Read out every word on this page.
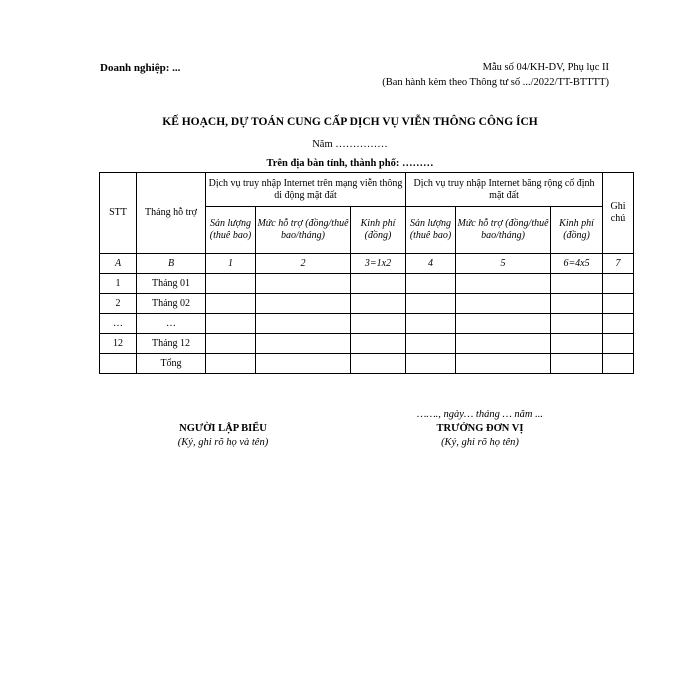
Doanh nghiệp: ...	Mẫu số 04/KH-DV, Phụ lục II
(Ban hành kèm theo Thông tư số .../2022/TT-BTTTT)
KẾ HOẠCH, DỰ TOÁN CUNG CẤP DỊCH VỤ VIỄN THÔNG CÔNG ÍCH
Năm ……………
Trên địa bàn tỉnh, thành phố: ………
STT	Tháng hỗ trợ	Dịch vụ truy nhập Internet trên mạng viễn thông di động mặt đất			Dịch vụ truy nhập Internet băng rộng cố định mặt đất			Ghi chú
		Sản lượng (thuê bao)	Mức hỗ trợ (đồng/thuê bao/tháng)	Kinh phí (đồng)	Sản lượng (thuê bao)	Mức hỗ trợ (đồng/thuê bao/tháng)	Kinh phí (đồng)	
A	B	1	2	3=1x2	4	5	6=4x5	7
1	Tháng 01							
2	Tháng 02							
…	…							
12	Tháng 12							
	Tổng							
NGƯỜI LẬP BIỂU
(Ký, ghi rõ họ và tên)
……., ngày… tháng … năm ...
TRƯỞNG ĐƠN VỊ
(Ký, ghi rõ họ tên)
